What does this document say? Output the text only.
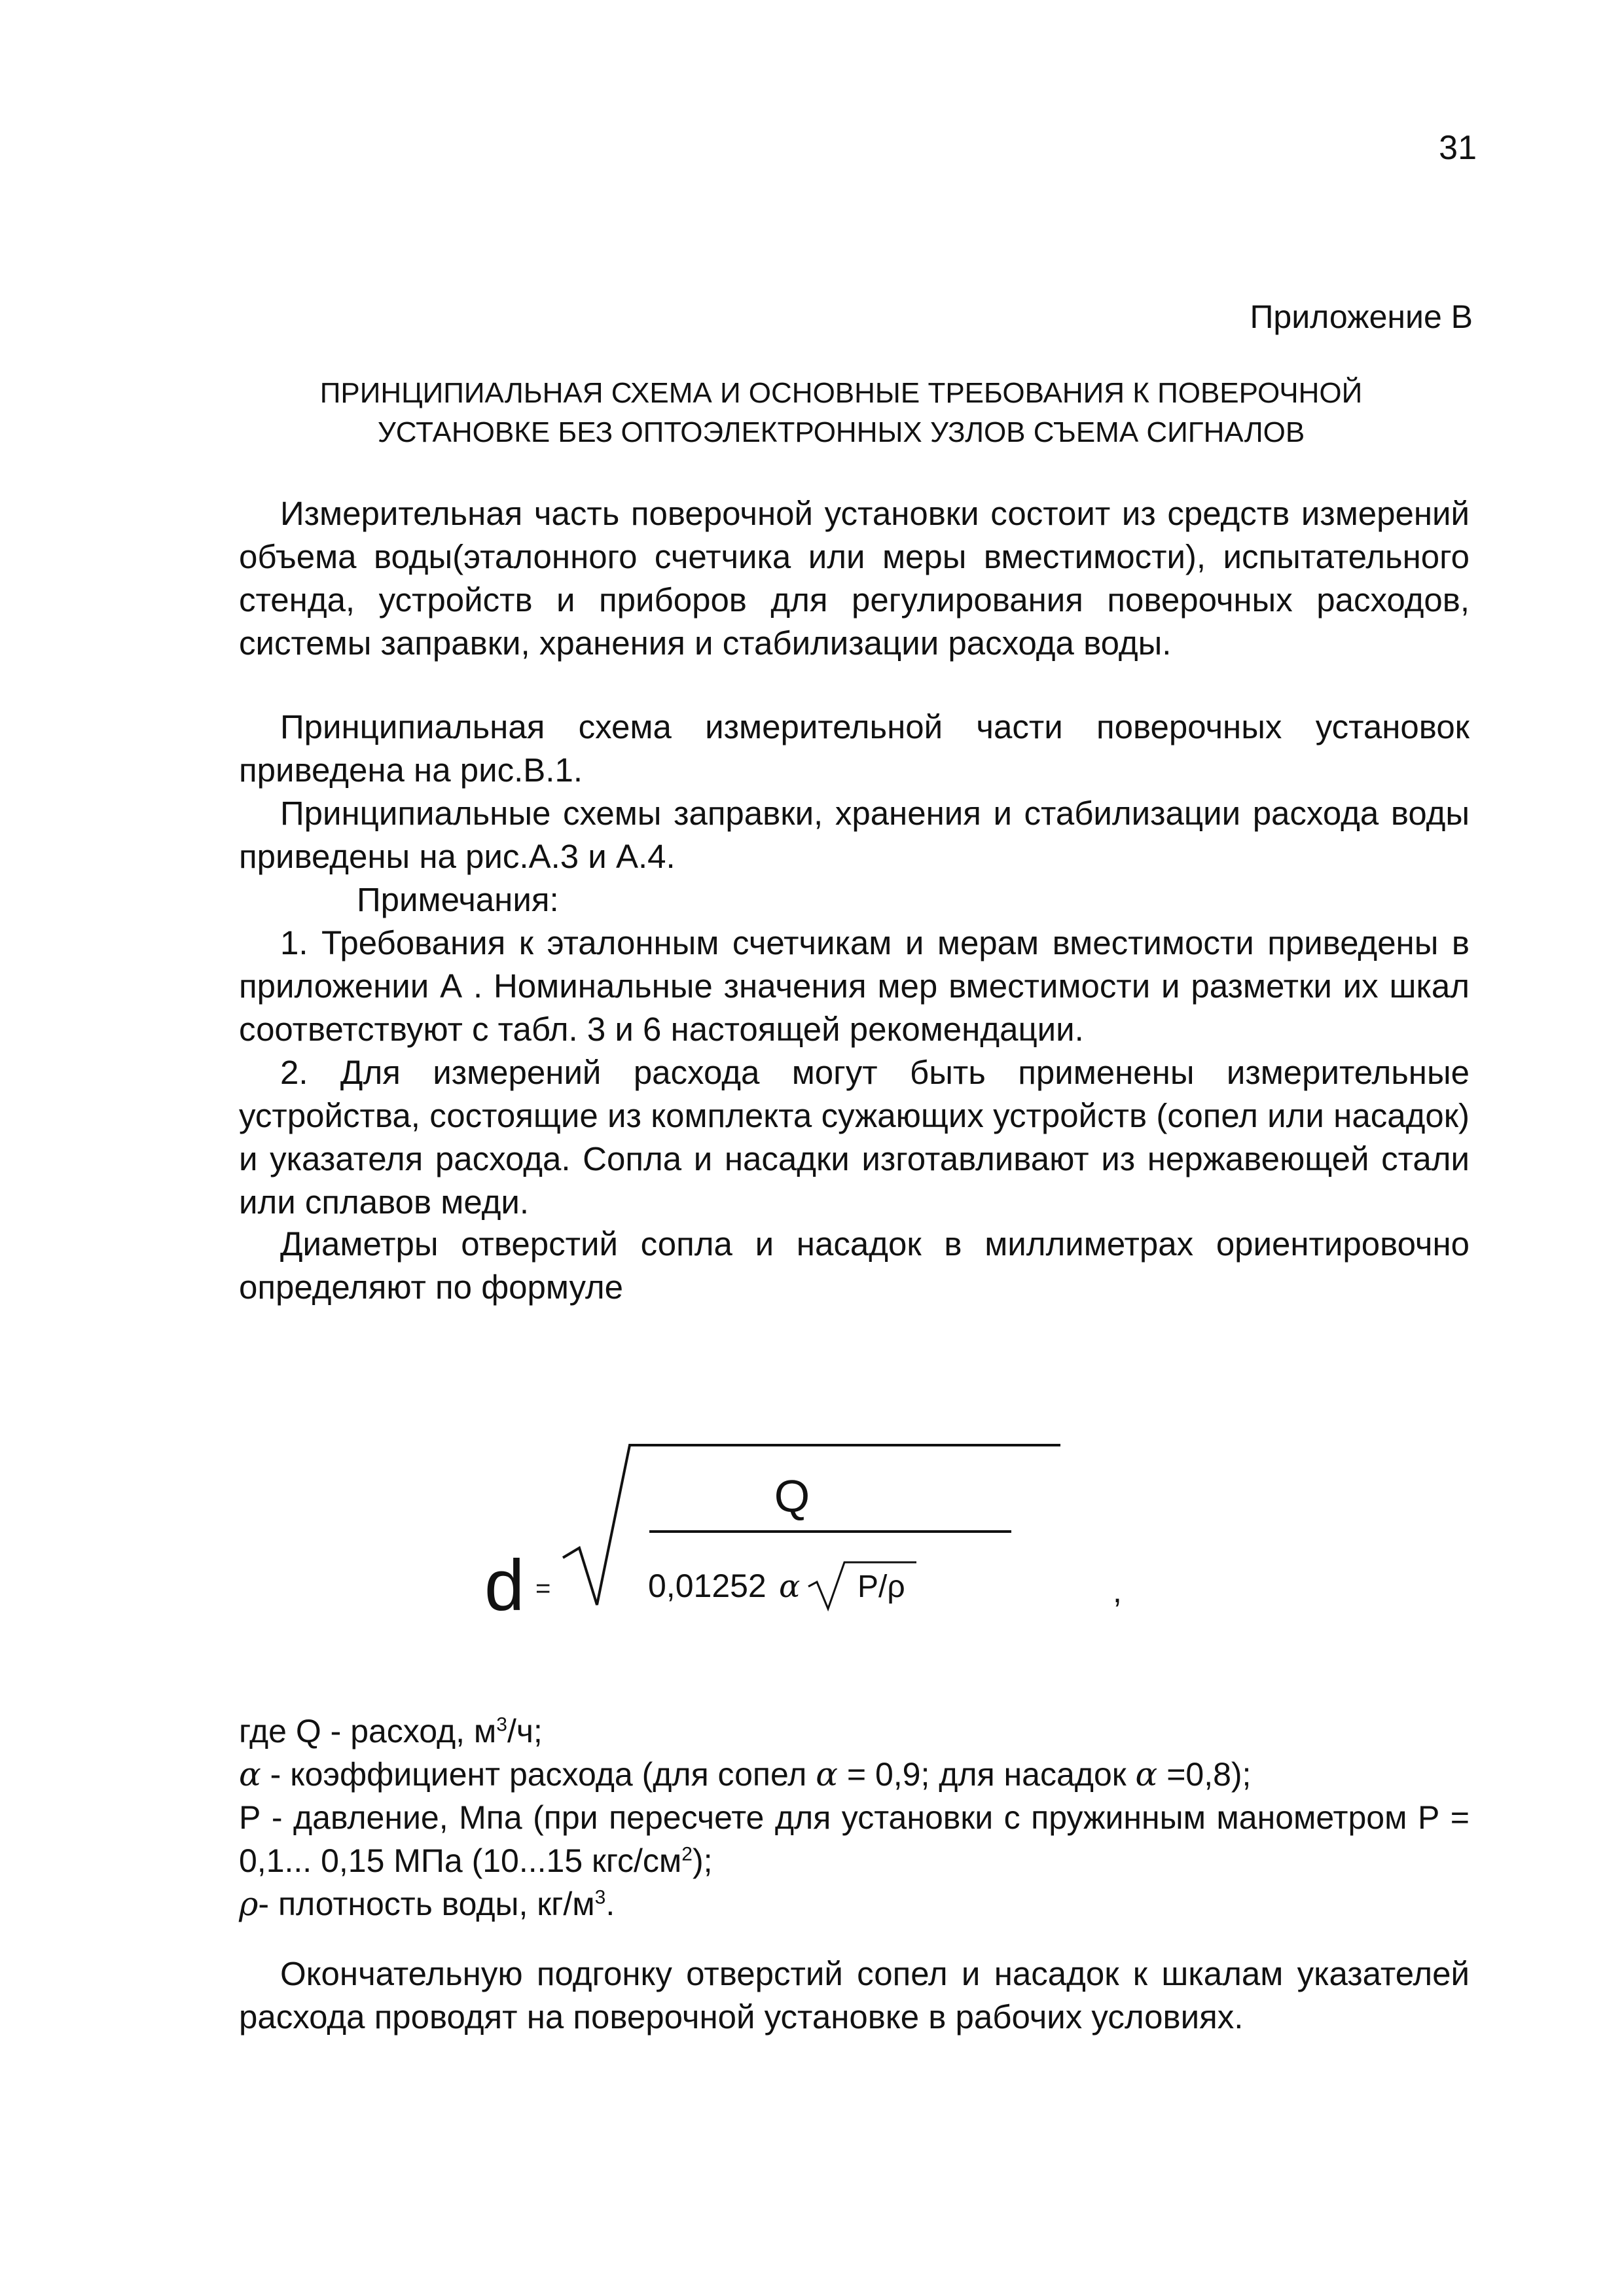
31
Приложение В
ПРИНЦИПИАЛЬНАЯ СХЕМА И ОСНОВНЫЕ ТРЕБОВАНИЯ К ПОВЕРОЧНОЙ
УСТАНОВКЕ БЕЗ ОПТОЭЛЕКТРОННЫХ УЗЛОВ СЪЕМА СИГНАЛОВ
Измерительная часть поверочной установки состоит из средств измерений объема воды(эталонного счетчика или меры вместимости), испытательного стенда, устройств и приборов для регулирования поверочных расходов, системы заправки, хранения и стабилизации расхода воды.
Принципиальная схема измерительной части поверочных установок приведена на рис.В.1.
Принципиальные схемы заправки, хранения и стабилизации расхода воды приведены на рис.А.3 и А.4.
Примечания:
1. Требования к эталонным счетчикам и мерам вместимости приведены в приложении А . Номинальные значения мер вместимости и разметки их шкал соответствуют с табл. 3 и 6 настоящей рекомендации.
2. Для измерений расхода могут быть применены измерительные устройства, состоящие из комплекта сужающих устройств (сопел или насадок) и указателя расхода. Сопла и насадки изготавливают из нержавеющей стали или сплавов меди.
Диаметры отверстий сопла и насадок в миллиметрах ориентировочно определяют по формуле
d =
Q
0,01252 α P/ρ	,
где Q - расход, $м^3/ч$;
α - коэффициент расхода (для сопел α = 0,9; для насадок α =0,8);
Р - давление, Мпа (при пересчете для установки с пружинным манометром Р = 0,1... 0,15 МПа (10...15 кгс/$см^2$);
ρ- плотность воды, $кг/м^3$.
Окончательную подгонку отверстий сопел и насадок к шкалам указателей расхода проводят на поверочной установке в рабочих условиях.
